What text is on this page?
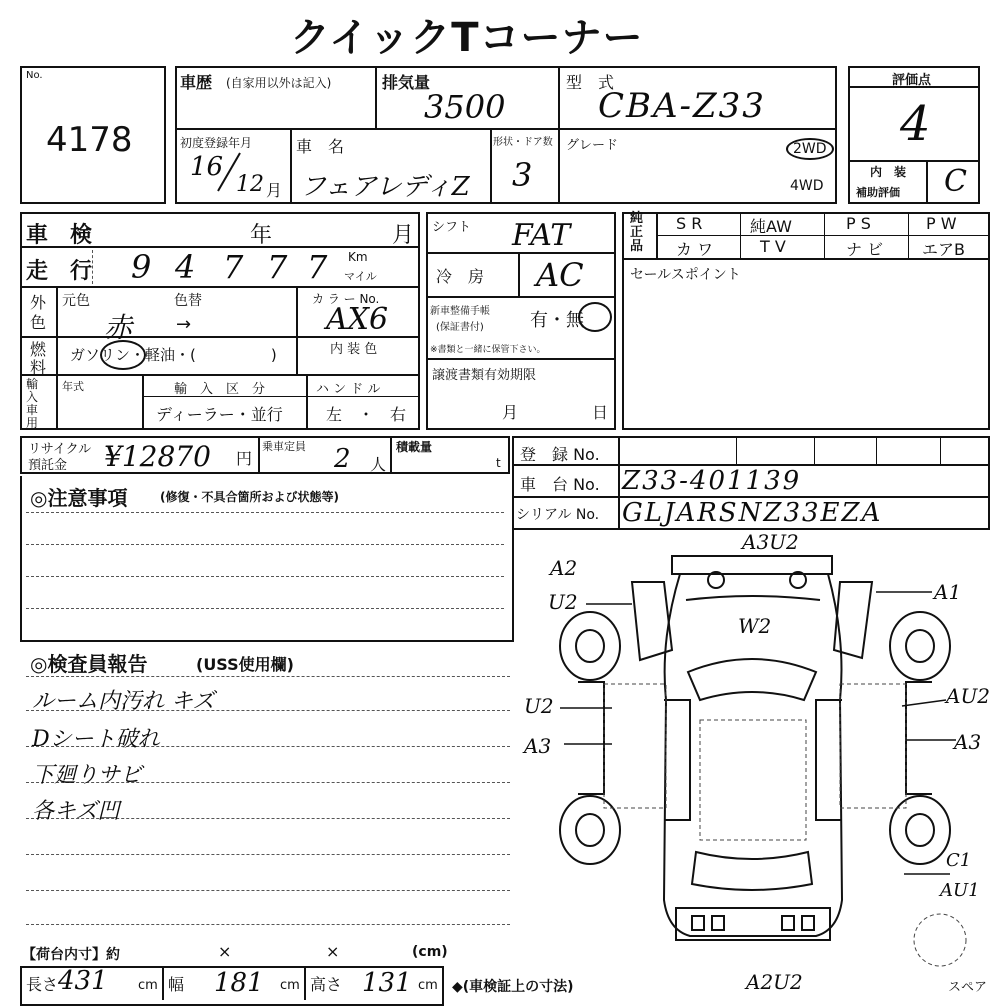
クイックTコーナー
No.
4178
車歴 (自家用以外は記入)	排気量
3500
型　式
CBA-Z33
初度登録年月
16
12 月
車　名
フェアレディZ
形状・ドア数
3
グレード	2WD
4WD
評価点
4
内　装
補助評価 C
車　検	年	月
走　行 9 4 7 7 7 Km
マイル
外
色
元色	色替
赤 →
カ ラ ー No.
AX6
燃
料
ガソリン・軽油・(　　　　　)	内 装 色
輸入車用
年式	輸　入　区　分
ディーラー・並行
ハ ン ド ル
左　・　右
シフト FAT
冷　房 AC
新車整備手帳
(保証書付)	有・無
※書類と一緒に保管下さい。
譲渡書類有効期限
月	日
純正品
S R	純AW	P S	P W
カ ワ	T V	ナ ビ エアB
セールスポイント
リサイクル
預託金 ¥12870 円
乗車定員 2 人
積載量
t 登　録 No.
車　台 No. Z33-401139
シリアル No. GLJARSNZ33EZA
◎注意事項	(修復・不具合箇所および状態等)
◎検査員報告	(USS使用欄)
ルーム内汚れ キズ
Dシート破れ
下廻りサビ
各キズ凹
A3U2
A2
U2	A1
W2
U2
A3
AU2
A3
C1
AU1
A2U2	スペア
【荷台内寸】約	×	×	(cm)
長さ 431 cm 幅 181 cm 高さ 131 cm ◆(車検証上の寸法)
